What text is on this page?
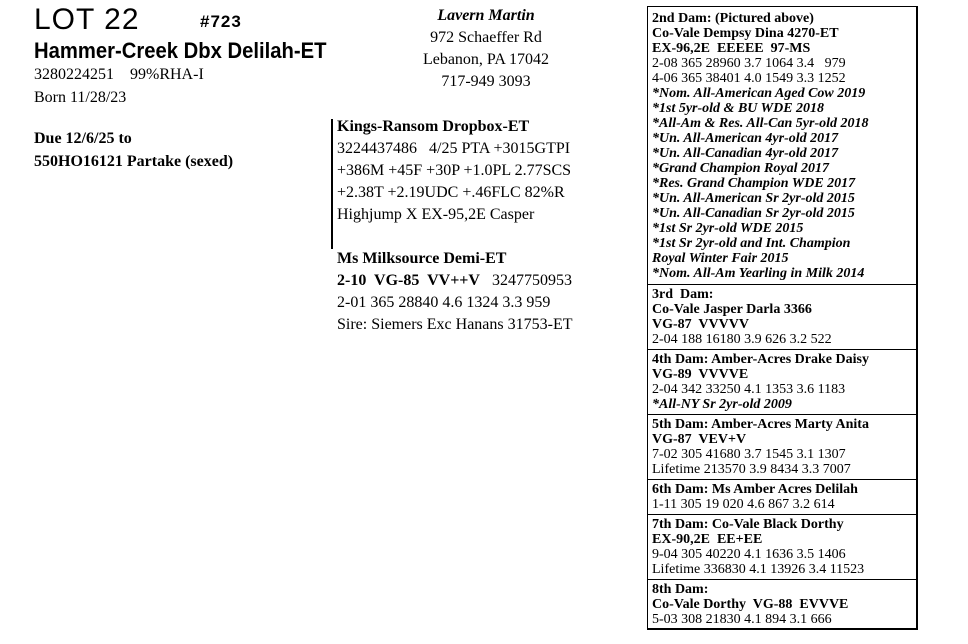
LOT 22	#723
Hammer-Creek Dbx Delilah-ET
3280224251    99%RHA-I
Born 11/28/23
Due 12/6/25 to
550HO16121 Partake (sexed)
Lavern Martin
972 Schaeffer Rd
Lebanon, PA 17042
717-949 3093
Kings-Ransom Dropbox-ET
3224437486   4/25 PTA +3015GTPI
+386M +45F +30P +1.0PL 2.77SCS
+2.38T +2.19UDC +.46FLC 82%R
Highjump X EX-95,2E Casper
Ms Milksource Demi-ET
2-10  VG-85  VV++V 3247750953
2-01 365 28840 4.6 1324 3.3 959
Sire: Siemers Exc Hanans 31753-ET
2nd Dam: (Pictured above)
Co-Vale Dempsy Dina 4270-ET
EX-96,2E  EEEEE  97-MS
2-08 365 28960 3.7 1064 3.4   979
4-06 365 38401 4.0 1549 3.3 1252
*Nom. All-American Aged Cow 2019
*1st 5yr-old & BU WDE 2018
*All-Am & Res. All-Can 5yr-old 2018
*Un. All-American 4yr-old 2017
*Un. All-Canadian 4yr-old 2017
*Grand Champion Royal 2017
*Res. Grand Champion WDE 2017
*Un. All-American Sr 2yr-old 2015
*Un. All-Canadian Sr 2yr-old 2015
*1st Sr 2yr-old WDE 2015
*1st Sr 2yr-old and Int. Champion
Royal Winter Fair 2015
*Nom. All-Am Yearling in Milk 2014
3rd  Dam:
Co-Vale Jasper Darla 3366
VG-87  VVVVV
2-04 188 16180 3.9 626 3.2 522
4th Dam: Amber-Acres Drake Daisy
VG-89  VVVVE
2-04 342 33250 4.1 1353 3.6 1183
*All-NY Sr 2yr-old 2009
5th Dam: Amber-Acres Marty Anita
VG-87  VEV+V
7-02 305 41680 3.7 1545 3.1 1307
Lifetime 213570 3.9 8434 3.3 7007
6th Dam: Ms Amber Acres Delilah
1-11 305 19 020 4.6 867 3.2 614
7th Dam: Co-Vale Black Dorthy
EX-90,2E  EE+EE
9-04 305 40220 4.1 1636 3.5 1406
Lifetime 336830 4.1 13926 3.4 11523
8th Dam:
Co-Vale Dorthy  VG-88  EVVVE
5-03 308 21830 4.1 894 3.1 666
